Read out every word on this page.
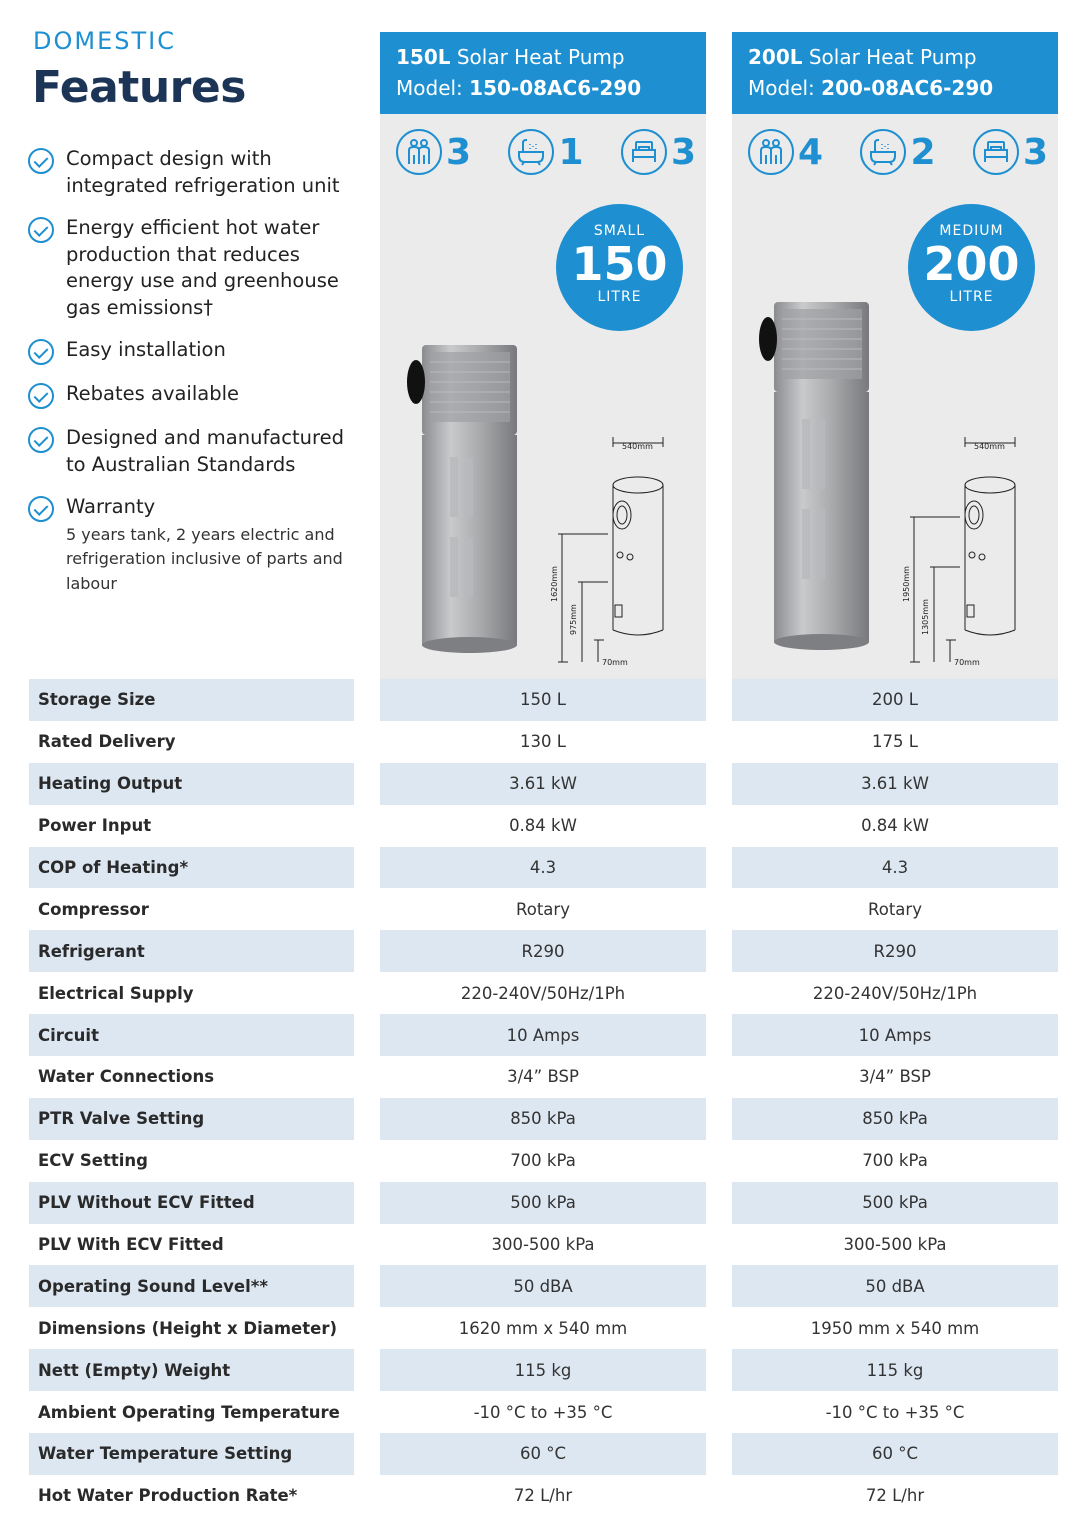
DOMESTIC
Features
Compact design with integrated refrigeration unit
Energy efficient hot water production that reduces energy use and greenhouse gas emissions†
Easy installation
Rebates available
Designed and manufactured to Australian Standards
Warranty
5 years tank, 2 years electric and refrigeration inclusive of parts and labour
150L Solar Heat Pump
Model: 150-08AC6-290
3 1 3
SMALL
150
LITRE
540mm
1620mm
975mm
70mm
200L Solar Heat Pump
Model: 200-08AC6-290
4 2 3
MEDIUM
200
LITRE
540mm
1950mm
1305mm
70mm
Storage Size
Rated Delivery
Heating Output
Power Input
COP of Heating*
Compressor
Refrigerant
Electrical Supply
Circuit
Water Connections
PTR Valve Setting
ECV Setting
PLV Without ECV Fitted
PLV With ECV Fitted
Operating Sound Level**
Dimensions (Height x Diameter)
Nett (Empty) Weight
Ambient Operating Temperature
Water Temperature Setting
Hot Water Production Rate*
150 L
130 L
3.61 kW
0.84 kW
4.3
Rotary
R290
220-240V/50Hz/1Ph
10 Amps
3/4” BSP
850 kPa
700 kPa
500 kPa
300-500 kPa
50 dBA
1620 mm x 540 mm
115 kg
-10 °C to +35 °C
60 °C
72 L/hr
200 L
175 L
3.61 kW
0.84 kW
4.3
Rotary
R290
220-240V/50Hz/1Ph
10 Amps
3/4” BSP
850 kPa
700 kPa
500 kPa
300-500 kPa
50 dBA
1950 mm x 540 mm
115 kg
-10 °C to +35 °C
60 °C
72 L/hr
